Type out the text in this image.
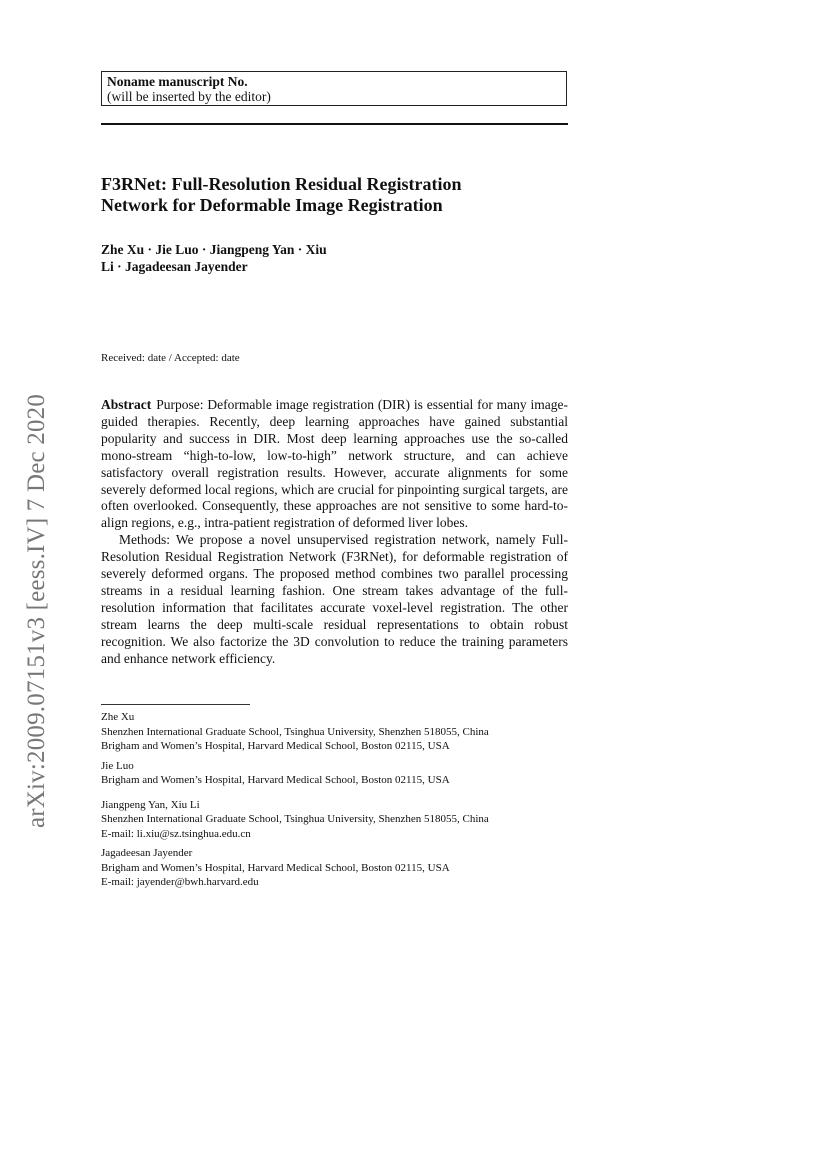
arXiv:2009.07151v3 [eess.IV] 7 Dec 2020
Noname manuscript No.
(will be inserted by the editor)
F3RNet: Full-Resolution Residual Registration
Network for Deformable Image Registration
Zhe Xu · Jie Luo · Jiangpeng Yan · Xiu
Li · Jagadeesan Jayender
Received: date / Accepted: date

Abstract Purpose: Deformable image registration (DIR) is essential for many image-guided therapies. Recently, deep learning approaches have gained substantial popularity and success in DIR. Most deep learning approaches use the so-called mono-stream “high-to-low, low-to-high” network structure, and can achieve satisfactory overall registration results. However, accurate alignments for some severely deformed local regions, which are crucial for pinpointing surgical targets, are often overlooked. Consequently, these approaches are not sensitive to some hard-to-align regions, e.g., intra-patient registration of deformed liver lobes.

Methods: We propose a novel unsupervised registration network, namely Full-Resolution Residual Registration Network (F3RNet), for deformable registration of severely deformed organs. The proposed method combines two parallel processing streams in a residual learning fashion. One stream takes advantage of the full-resolution information that facilitates accurate voxel-level registration. The other stream learns the deep multi-scale residual representations to obtain robust recognition. We also factorize the 3D convolution to reduce the training parameters and enhance network efficiency.

Zhe Xu
Shenzhen International Graduate School, Tsinghua University, Shenzhen 518055, China
Brigham and Women’s Hospital, Harvard Medical School, Boston 02115, USA
Jie Luo
Brigham and Women’s Hospital, Harvard Medical School, Boston 02115, USA
Jiangpeng Yan, Xiu Li
Shenzhen International Graduate School, Tsinghua University, Shenzhen 518055, China
E-mail: li.xiu@sz.tsinghua.edu.cn
Jagadeesan Jayender
Brigham and Women’s Hospital, Harvard Medical School, Boston 02115, USA
E-mail: jayender@bwh.harvard.edu
